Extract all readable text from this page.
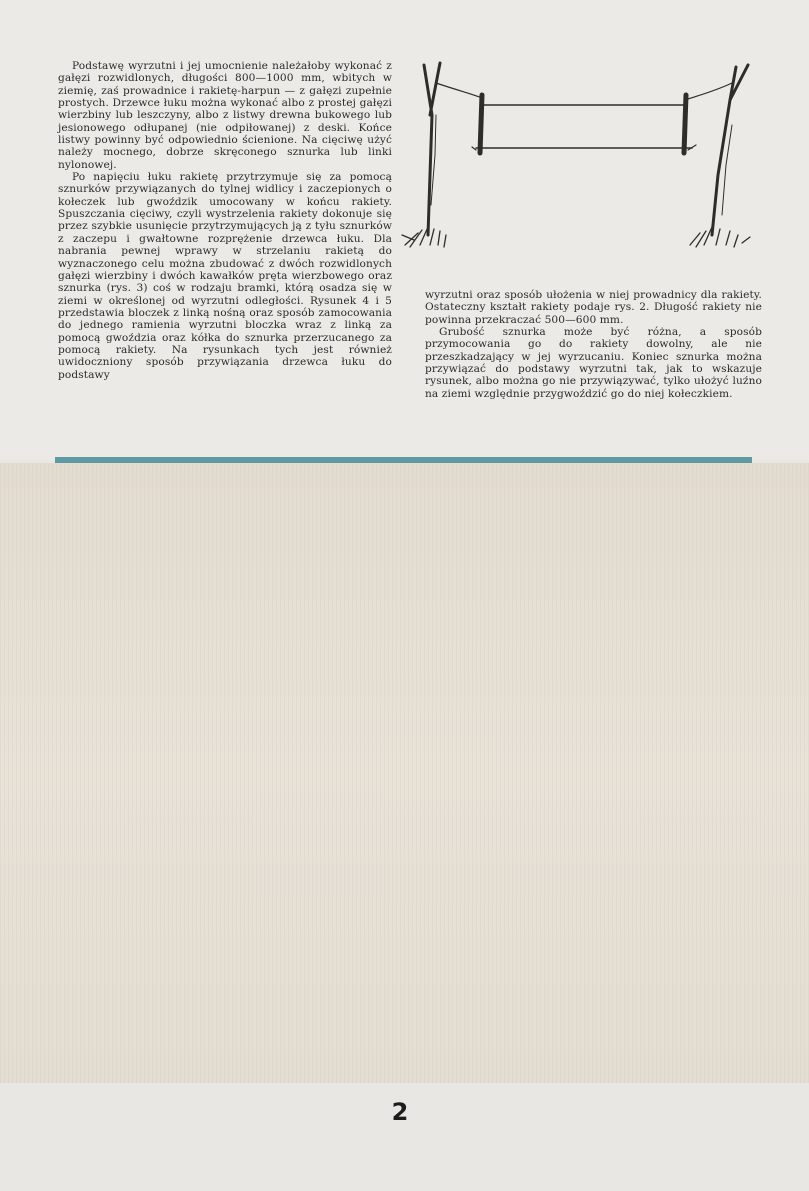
Podstawę wyrzutni i jej umocnienie należałoby wykonać z gałęzi rozwidlonych, długości 800—1000 mm, wbitych w ziemię, zaś prowadnice i rakietę-harpun — z gałęzi zupełnie prostych. Drzewce łuku można wykonać albo z prostej gałęzi wierzbiny lub leszczyny, albo z listwy drewna bukowego lub jesionowego odłupanej (nie odpiłowanej) z deski. Końce listwy powinny być odpowiednio ścienione. Na cięciwę użyć należy mocnego, dobrze skręconego sznurka lub linki nylonowej.

Po napięciu łuku rakietę przytrzymuje się za pomocą sznurków przywiązanych do tylnej widlicy i zaczepionych o kołeczek lub gwoździk umocowany w końcu rakiety. Spuszczania cięciwy, czyli wystrzelenia rakiety dokonuje się przez szybkie usunięcie przytrzymujących ją z tyłu sznurków z zaczepu i gwałtowne rozprężenie drzewca łuku. Dla nabrania pewnej wprawy w strzelaniu rakietą do wyznaczonego celu można zbudować z dwóch rozwidlonych gałęzi wierzbiny i dwóch kawałków pręta wierzbowego oraz sznurka (rys. 3) coś w rodzaju bramki, którą osadza się w ziemi w określonej od wyrzutni odległości. Rysunek 4 i 5 przedstawia bloczek z linką nośną oraz sposób zamocowania do jednego ramienia wyrzutni bloczka wraz z linką za pomocą gwoździa oraz kółka do sznurka przerzucanego za pomocą rakiety. Na rysunkach tych jest również uwidoczniony sposób przywiązania drzewca łuku do podstawy

wyrzutni oraz sposób ułożenia w niej prowadnicy dla rakiety. Ostateczny kształt rakiety podaje rys. 2. Długość rakiety nie powinna przekraczać 500—600 mm.

Grubość sznurka może być różna, a sposób przymocowania go do rakiety dowolny, ale nie przeszkadzający w jej wyrzucaniu. Koniec sznurka można przywiązać do podstawy wyrzutni tak, jak to wskazuje rysunek, albo można go nie przywiązywać, tylko ułożyć luźno na ziemi względnie przygwoździć go do niej kołeczkiem.

2
